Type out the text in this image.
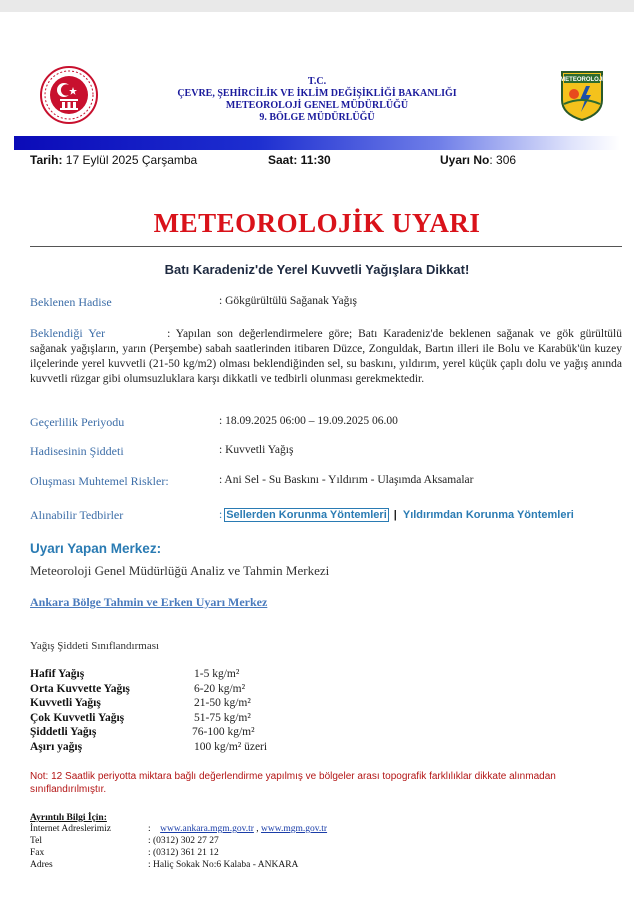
T.C.
ÇEVRE, ŞEHİRCİLİK VE İKLİM DEĞİŞİKLİĞİ BAKANLIĞI
METEOROLOJİ GENEL MÜDÜRLÜĞÜ
9. BÖLGE MÜDÜRLÜĞÜ
METEOROLOJİ
Tarih: 17 Eylül 2025 Çarşamba	Saat: 11:30	Uyarı No: 306
METEOROLOJİK UYARI
Batı Karadeniz'de Yerel Kuvvetli Yağışlara Dikkat!
Beklenen Hadise	: Gökgürültülü Sağanak Yağış
Beklendiği Yer	: Yapılan son değerlendirmelere göre; Batı Karadeniz'de beklenen sağanak ve gök gürültülü sağanak yağışların, yarın (Perşembe) sabah saatlerinden itibaren Düzce, Zonguldak, Bartın illeri ile Bolu ve Karabük'ün kuzey ilçelerinde yerel kuvvetli (21-50 kg/m2) olması beklendiğinden sel, su baskını, yıldırım, yerel küçük çaplı dolu ve yağış anında kuvvetli rüzgar gibi olumsuzluklara karşı dikkatli ve tedbirli olunması gerekmektedir.
Geçerlilik Periyodu	: 18.09.2025 06:00 – 19.09.2025 06.00
Hadisesinin Şiddeti	: Kuvvetli Yağış
Oluşması Muhtemel Riskler:	: Ani Sel - Su Baskını - Yıldırım - Ulaşımda Aksamalar
Alınabilir Tedbirler	: Sellerden Korunma Yöntemleri | Yıldırımdan Korunma Yöntemleri
Uyarı Yapan Merkez:
Meteoroloji Genel Müdürlüğü Analiz ve Tahmin Merkezi
Ankara Bölge Tahmin ve Erken Uyarı Merkez
Yağış Şiddeti Sınıflandırması
Hafif Yağış	1-5 kg/m²
Orta Kuvvette Yağış	6-20 kg/m²
Kuvvetli Yağış	21-50 kg/m²
Çok Kuvvetli Yağış	51-75 kg/m²
Şiddetli Yağış	76-100 kg/m²
Aşırı yağış	100 kg/m² üzeri
Not: 12 Saatlik periyotta miktara bağlı değerlendirme yapılmış ve bölgeler arası topografik farklılıklar dikkate alınmadan sınıflandırılmıştır.
Ayrıntılı Bilgi İçin:
İnternet Adreslerimiz	: www.ankara.mgm.gov.tr , www.mgm.gov.tr
Tel	: (0312) 302 27 27
Fax	: (0312) 361 21 12
Adres	: Haliç Sokak No:6 Kalaba - ANKARA
